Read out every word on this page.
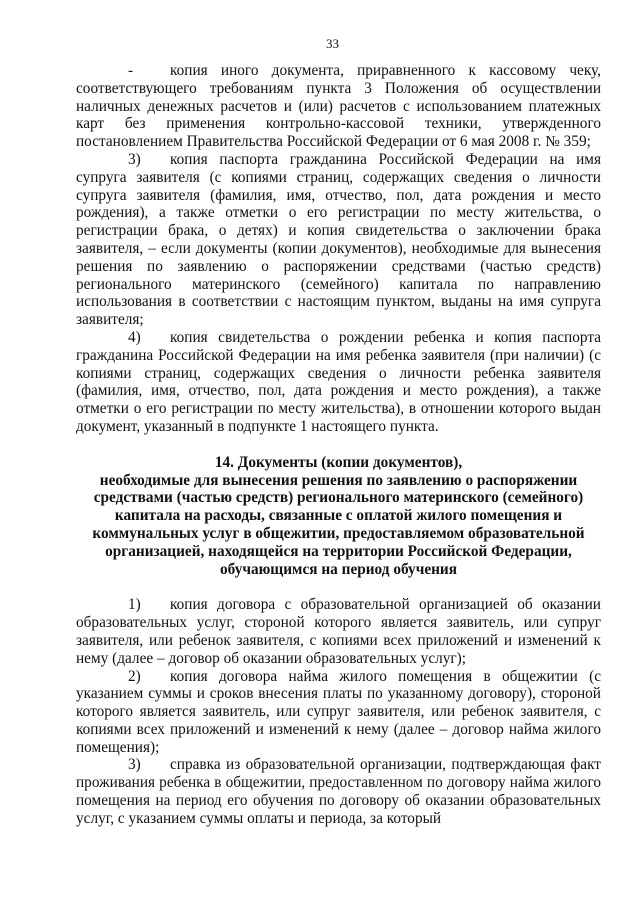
33

- копия иного документа, приравненного к кассовому чеку, соответствующего требованиям пункта 3 Положения об осуществлении наличных денежных расчетов и (или) расчетов с использованием платежных карт без применения контрольно-кассовой техники, утвержденного постановлением Правительства Российской Федерации от 6 мая 2008 г. № 359;

3) копия паспорта гражданина Российской Федерации на имя супруга заявителя (с копиями страниц, содержащих сведения о личности супруга заявителя (фамилия, имя, отчество, пол, дата рождения и место рождения), а также отметки о его регистрации по месту жительства, о регистрации брака, о детях) и копия свидетельства о заключении брака заявителя, – если документы (копии документов), необходимые для вынесения решения по заявлению о распоряжении средствами (частью средств) регионального материнского (семейного) капитала по направлению использования в соответствии с настоящим пунктом, выданы на имя супруга заявителя;

4) копия свидетельства о рождении ребенка и копия паспорта гражданина Российской Федерации на имя ребенка заявителя (при наличии) (с копиями страниц, содержащих сведения о личности ребенка заявителя (фамилия, имя, отчество, пол, дата рождения и место рождения), а также отметки о его регистрации по месту жительства), в отношении которого выдан документ, указанный в подпункте 1 настоящего пункта.

14. Документы (копии документов),
необходимые для вынесения решения по заявлению о распоряжении
средствами (частью средств) регионального материнского (семейного)
капитала на расходы, связанные с оплатой жилого помещения и
коммунальных услуг в общежитии, предоставляемом образовательной
организацией, находящейся на территории Российской Федерации,
обучающимся на период обучения

1) копия договора с образовательной организацией об оказании образовательных услуг, стороной которого является заявитель, или супруг заявителя, или ребенок заявителя, с копиями всех приложений и изменений к нему (далее – договор об оказании образовательных услуг);

2) копия договора найма жилого помещения в общежитии (с указанием суммы и сроков внесения платы по указанному договору), стороной которого является заявитель, или супруг заявителя, или ребенок заявителя, с копиями всех приложений и изменений к нему (далее – договор найма жилого помещения);

3) справка из образовательной организации, подтверждающая факт проживания ребенка в общежитии, предоставленном по договору найма жилого помещения на период его обучения по договору об оказании образовательных услуг, с указанием суммы оплаты и периода, за который
